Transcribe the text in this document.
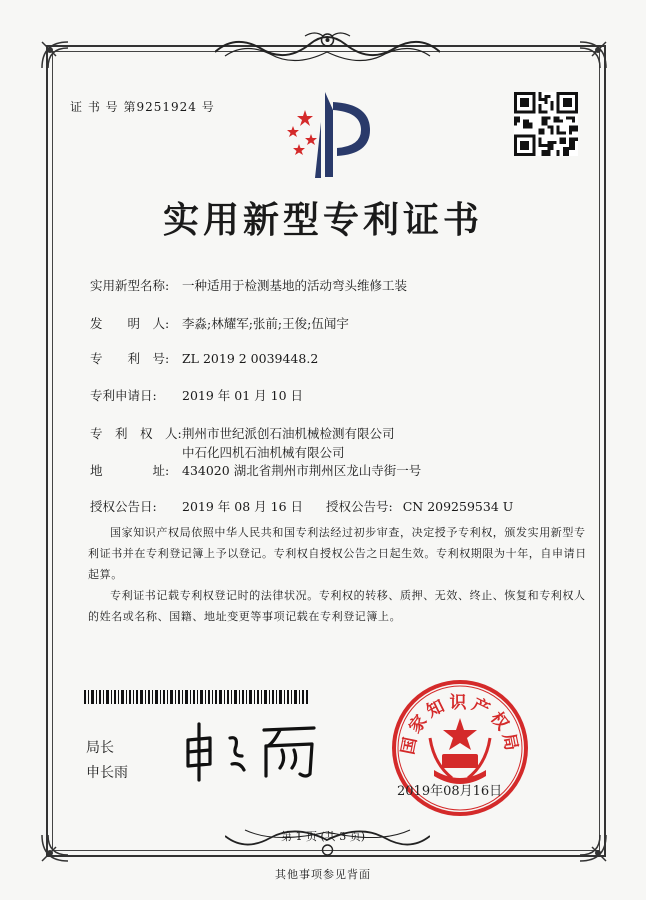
证 书 号 第9251924 号
实用新型专利证书
实用新型名称: 一种适用于检测基地的活动弯头维修工装
发　　明　人: 李淼;林耀军;张前;王俊;伍闻宇
专　　利　号: ZL 2019 2 0039448.2
专利申请日: 2019 年 01 月 10 日
专　利　权　人:荆州市世纪派创石油机械检测有限公司
中石化四机石油机械有限公司
地　　　　址: 434020 湖北省荆州市荆州区龙山寺街一号
授权公告日: 2019 年 08 月 16 日 授权公告号: CN 209259534 U
国家知识产权局依照中华人民共和国专利法经过初步审查，决定授予专利权，颁发实用新型专利证书并在专利登记簿上予以登记。专利权自授权公告之日起生效。专利权期限为十年，自申请日起算。
专利证书记载专利权登记时的法律状况。专利权的转移、质押、无效、终止、恢复和专利权人的姓名或名称、国籍、地址变更等事项记载在专利登记簿上。
局长
申长雨
国家知识产权局
2019年08月16日
第 1 页 (共 3 页)
其他事项参见背面
